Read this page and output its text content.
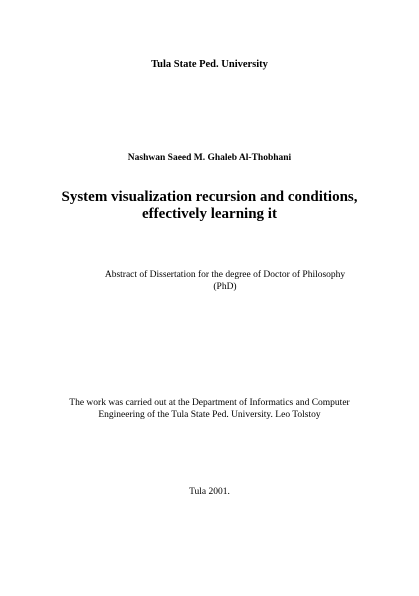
Tula State Ped. University
Nashwan Saeed M. Ghaleb Al-Thobhani
System visualization recursion and conditions,
effectively learning it
Abstract of Dissertation for the degree of Doctor of Philosophy
(PhD)
The work was carried out at the Department of Informatics and Computer
Engineering of the Tula State Ped. University. Leo Tolstoy
Tula 2001.
